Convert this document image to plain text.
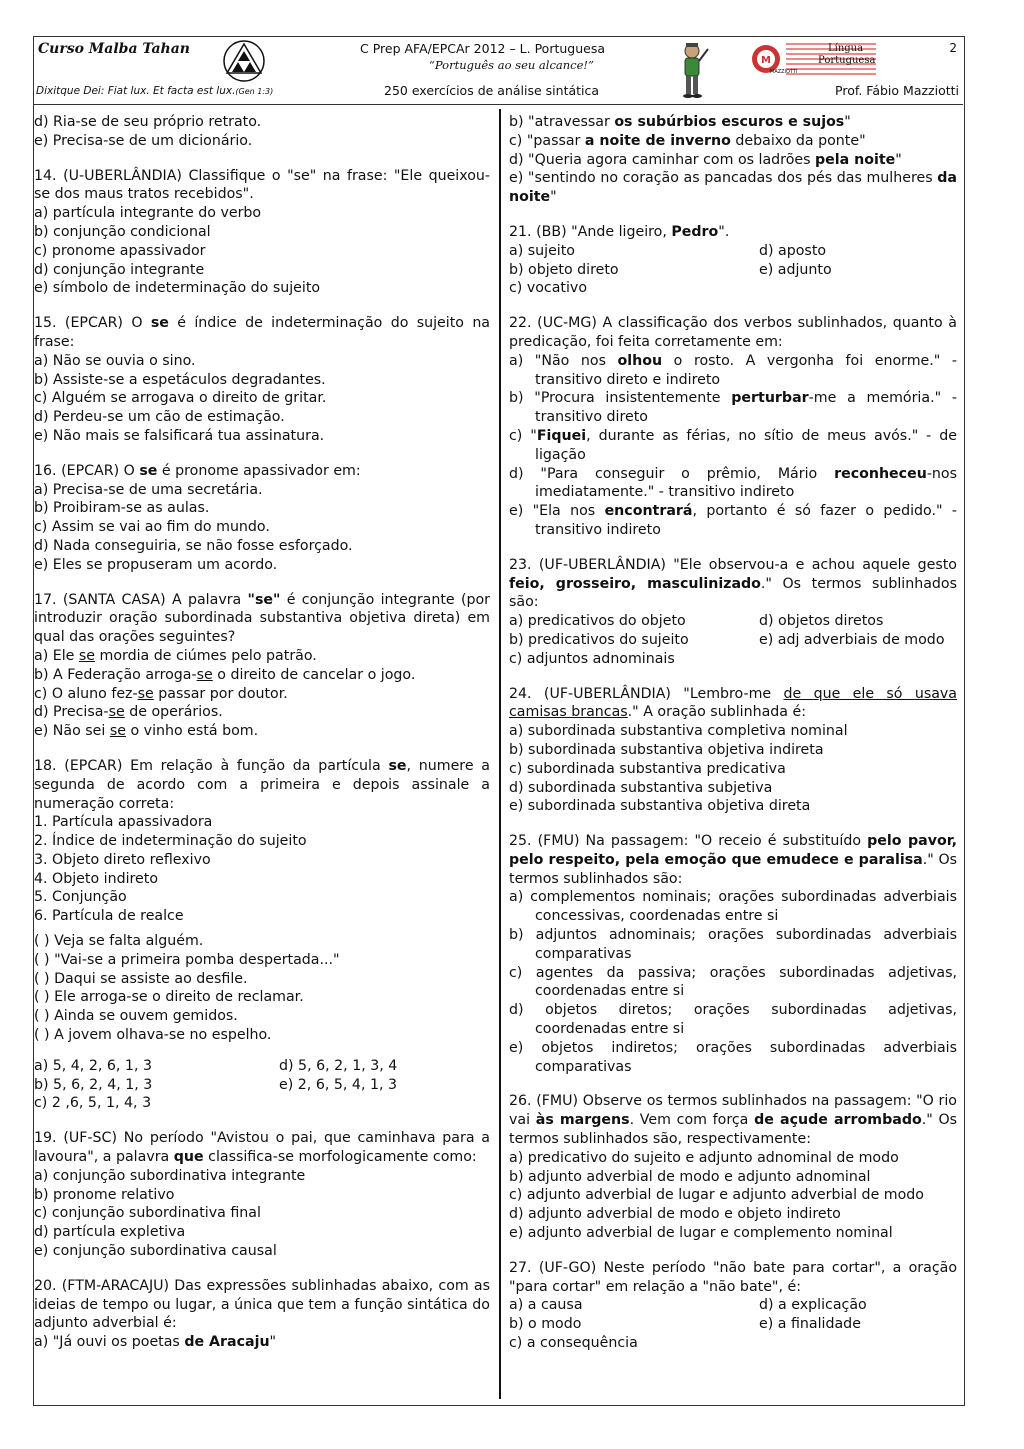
Curso Malba Tahan
Dixitque Dei: Fiat lux. Et facta est lux.(Gen 1:3)
C Prep AFA/EPCAr 2012 – L. Portuguesa
“Português ao seu alcance!”
250 exercícios de análise sintática
M
Língua
Portuguesa
MAZZIOTTI
2
Prof. Fábio Mazziotti
d) Ria-se de seu próprio retrato.
e) Precisa-se de um dicionário.

14. (U-UBERLÂNDIA) Classifique o "se" na frase: "Ele queixou-se dos maus tratos recebidos".

a) partícula integrante do verbo
b) conjunção condicional
c) pronome apassivador
d) conjunção integrante
e) símbolo de indeterminação do sujeito

15. (EPCAR) O se é índice de indeterminação do sujeito na frase:

a) Não se ouvia o sino.
b) Assiste-se a espetáculos degradantes.
c) Alguém se arrogava o direito de gritar.
d) Perdeu-se um cão de estimação.
e) Não mais se falsificará tua assinatura.

16. (EPCAR) O se é pronome apassivador em:

a) Precisa-se de uma secretária.
b) Proibiram-se as aulas.
c) Assim se vai ao fim do mundo.
d) Nada conseguiria, se não fosse esforçado.
e) Eles se propuseram um acordo.

17. (SANTA CASA) A palavra "se" é conjunção integrante (por introduzir oração subordinada substantiva objetiva direta) em qual das orações seguintes?

a) Ele se mordia de ciúmes pelo patrão.
b) A Federação arroga-se o direito de cancelar o jogo.
c) O aluno fez-se passar por doutor.
d) Precisa-se de operários.
e) Não sei se o vinho está bom.

18. (EPCAR) Em relação à função da partícula se, numere a segunda de acordo com a primeira e depois assinale a numeração correta:

1. Partícula apassivadora
2. Índice de indeterminação do sujeito
3. Objeto direto reflexivo
4. Objeto indireto
5. Conjunção
6. Partícula de realce
( ) Veja se falta alguém.
( ) "Vai-se a primeira pomba despertada..."
( ) Daqui se assiste ao desfile.
( ) Ele arroga-se o direito de reclamar.
( ) Ainda se ouvem gemidos.
( ) A jovem olhava-se no espelho.
a) 5, 4, 2, 6, 1, 3	d) 5, 6, 2, 1, 3, 4
b) 5, 6, 2, 4, 1, 3	e) 2, 6, 5, 4, 1, 3
c) 2 ,6, 5, 1, 4, 3

19. (UF-SC) No período "Avistou o pai, que caminhava para a lavoura", a palavra que classifica-se morfologicamente como:

a) conjunção subordinativa integrante
b) pronome relativo
c) conjunção subordinativa final
d) partícula expletiva
e) conjunção subordinativa causal

20. (FTM-ARACAJU) Das expressões sublinhadas abaixo, com as ideias de tempo ou lugar, a única que tem a função sintática do adjunto adverbial é:

a) "Já ouvi os poetas de Aracaju"
b) "atravessar os subúrbios escuros e sujos"
c) "passar a noite de inverno debaixo da ponte"
d) "Queria agora caminhar com os ladrões pela noite"

e) "sentindo no coração as pancadas dos pés das mulheres da noite"

21. (BB) "Ande ligeiro, Pedro".

a) sujeito	d) aposto
b) objeto direto	e) adjunto
c) vocativo

22. (UC-MG) A classificação dos verbos sublinhados, quanto à predicação, foi feita corretamente em:

a) "Não nos olhou o rosto. A vergonha foi enorme." - transitivo direto e indireto

b) "Procura insistentemente perturbar-me a memória." - transitivo direto

c) "Fiquei, durante as férias, no sítio de meus avós." - de ligação

d) "Para conseguir o prêmio, Mário reconheceu-nos imediatamente." - transitivo indireto

e) "Ela nos encontrará, portanto é só fazer o pedido." - transitivo indireto

23. (UF-UBERLÂNDIA) "Ele observou-a e achou aquele gesto feio, grosseiro, masculinizado." Os termos sublinhados são:

a) predicativos do objeto	d) objetos diretos
b) predicativos do sujeito	e) adj adverbiais de modo
c) adjuntos adnominais

24. (UF-UBERLÂNDIA) "Lembro-me de que ele só usava camisas brancas." A oração sublinhada é:

a) subordinada substantiva completiva nominal
b) subordinada substantiva objetiva indireta
c) subordinada substantiva predicativa
d) subordinada substantiva subjetiva
e) subordinada substantiva objetiva direta

25. (FMU) Na passagem: "O receio é substituído pelo pavor, pelo respeito, pela emoção que emudece e paralisa." Os termos sublinhados são:

a) complementos nominais; orações subordinadas adverbiais concessivas, coordenadas entre si

b) adjuntos adnominais; orações subordinadas adverbiais comparativas

c) agentes da passiva; orações subordinadas adjetivas, coordenadas entre si

d) objetos diretos; orações subordinadas adjetivas, coordenadas entre si

e) objetos indiretos; orações subordinadas adverbiais comparativas

26. (FMU) Observe os termos sublinhados na passagem: "O rio vai às margens. Vem com força de açude arrombado." Os termos sublinhados são, respectivamente:

a) predicativo do sujeito e adjunto adnominal de modo
b) adjunto adverbial de modo e adjunto adnominal

c) adjunto adverbial de lugar e adjunto adverbial de modo

d) adjunto adverbial de modo e objeto indireto
e) adjunto adverbial de lugar e complemento nominal

27. (UF-GO) Neste período "não bate para cortar", a oração "para cortar" em relação a "não bate", é:

a) a causa	d) a explicação
b) o modo	e) a finalidade
c) a consequência
